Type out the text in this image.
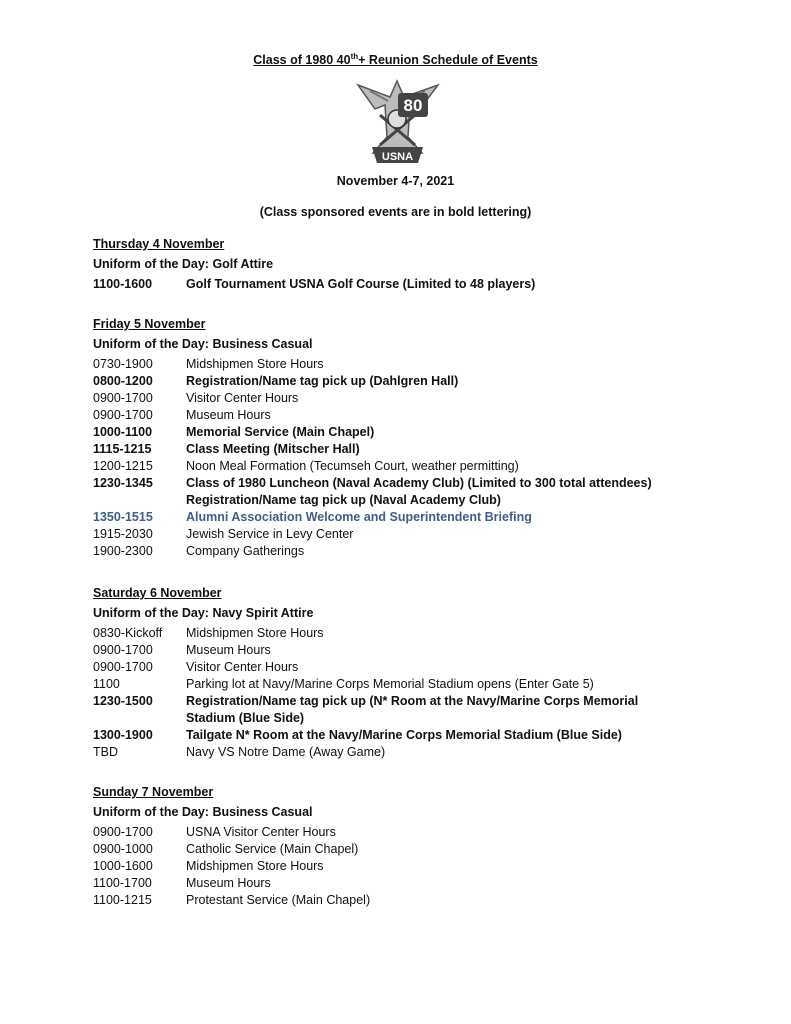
Class of 1980 40th+ Reunion Schedule of Events
80
USNA
November 4-7, 2021
(Class sponsored events are in bold lettering)
Thursday 4 November
Uniform of the Day: Golf Attire
1100-1600	Golf Tournament USNA Golf Course (Limited to 48 players)
Friday 5 November
Uniform of the Day: Business Casual
0730-1900	Midshipmen Store Hours
0800-1200	Registration/Name tag pick up (Dahlgren Hall)
0900-1700	Visitor Center Hours
0900-1700	Museum Hours
1000-1100	Memorial Service (Main Chapel)
1115-1215	Class Meeting (Mitscher Hall)
1200-1215	Noon Meal Formation (Tecumseh Court, weather permitting)
1230-1345	Class of 1980 Luncheon (Naval Academy Club) (Limited to 300 total attendees)
Registration/Name tag pick up (Naval Academy Club)
1350-1515	Alumni Association Welcome and Superintendent Briefing
1915-2030	Jewish Service in Levy Center
1900-2300	Company Gatherings
Saturday 6 November
Uniform of the Day: Navy Spirit Attire
0830-Kickoff	Midshipmen Store Hours
0900-1700	Museum Hours
0900-1700	Visitor Center Hours
1100	Parking lot at Navy/Marine Corps Memorial Stadium opens (Enter Gate 5)
1230-1500	Registration/Name tag pick up (N* Room at the Navy/Marine Corps Memorial
Stadium (Blue Side)
1300-1900	Tailgate N* Room at the Navy/Marine Corps Memorial Stadium (Blue Side)
TBD	Navy VS Notre Dame (Away Game)
Sunday 7 November
Uniform of the Day: Business Casual
0900-1700	USNA Visitor Center Hours
0900-1000	Catholic Service (Main Chapel)
1000-1600	Midshipmen Store Hours
1100-1700	Museum Hours
1100-1215	Protestant Service (Main Chapel)
